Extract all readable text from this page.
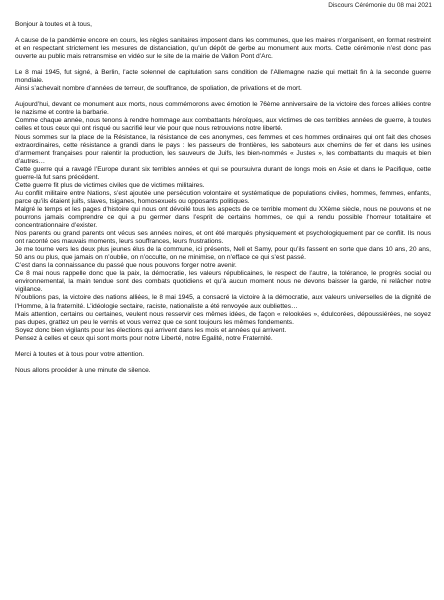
Discours Cérémonie du 08 mai 2021

Bonjour à toutes et à tous,

A cause de la pandémie encore en cours, les règles sanitaires imposent dans les communes, que les maires n’organisent, en format restreint et en respectant strictement les mesures de distanciation, qu’un dépôt de gerbe au monument aux morts. Cette cérémonie n’est donc pas ouverte au public mais retransmise en vidéo sur le site de la mairie de Vallon Pont d’Arc.

Le 8 mai 1945, fut signé, à Berlin, l’acte solennel de capitulation sans condition de l’Allemagne nazie qui mettait fin à la seconde guerre mondiale.
Ainsi s’achevait nombre d’années de terreur, de souffrance, de spoliation, de privations et de mort.

Aujourd’hui, devant ce monument aux morts, nous commémorons avec émotion le 76ème anniversaire de la victoire des forces alliées contre le nazisme et contre la barbarie.
Comme chaque année, nous tenons à rendre hommage aux combattants héroïques, aux victimes de ces terribles années de guerre, à toutes celles et tous ceux qui ont risqué ou sacrifié leur vie pour que nous retrouvions notre liberté.
Nous sommes sur la place de la Résistance, la résistance de ces anonymes, ces femmes et ces hommes ordinaires qui ont fait des choses extraordinaires, cette résistance a grandi dans le pays : les passeurs de frontières, les saboteurs aux chemins de fer et dans les usines d’armement françaises pour ralentir la production, les sauveurs de Juifs, les bien-nommés « Justes », les combattants du maquis et bien d’autres…
Cette guerre qui a ravagé l’Europe durant six terribles années et qui se poursuivra durant de longs mois en Asie et dans le Pacifique, cette guerre-là fut sans précédent.
Cette guerre fit plus de victimes civiles que de victimes militaires.
Au conflit militaire entre Nations, s’est ajoutée une persécution volontaire et systématique de populations civiles, hommes, femmes, enfants, parce qu’ils étaient juifs, slaves, tsiganes, homosexuels ou opposants politiques.
Malgré le temps et les pages d’histoire qui nous ont dévoilé tous les aspects de ce terrible moment du XXème siècle, nous ne pouvons et ne pourrons jamais comprendre ce qui a pu germer dans l’esprit de certains hommes, ce qui a rendu possible l’horreur totalitaire et concentrationnaire d’exister.
Nos parents ou grand parents ont vécus ses années noires, et ont été marqués physiquement et psychologiquement par ce conflit. Ils nous ont raconté ces mauvais moments, leurs souffrances, leurs frustrations.
Je me tourne vers les deux plus jeunes élus de la commune, ici présents, Nell et Samy, pour qu’ils fassent en sorte que dans 10 ans, 20 ans, 50 ans ou plus, que jamais on n’oublie, on n’occulte, on ne minimise, on n’efface ce qui s’est passé.
C’est dans la connaissance du passé que nous pouvons forger notre avenir.
Ce 8 mai nous rappelle donc que la paix, la démocratie, les valeurs républicaines, le respect de l’autre, la tolérance, le progrès social ou environnemental, la main tendue sont des combats quotidiens et qu’à aucun moment nous ne devons baisser la garde, ni relâcher notre vigilance.
N’oublions pas, la victoire des nations alliées, le 8 mai 1945, a consacré la victoire à la démocratie, aux valeurs universelles de la dignité de l’Homme, à la fraternité. L’idéologie sectaire, raciste, nationaliste a été renvoyée aux oubliettes…
Mais attention, certains ou certaines, veulent nous resservir ces mêmes idées, de façon « relookées », édulcorées, dépoussiérées, ne soyez pas dupes, grattez un peu le vernis et vous verrez que ce sont toujours les mêmes fondements.
Soyez donc bien vigilants pour les élections qui arrivent dans les mois et années qui arrivent.
Pensez à celles et ceux qui sont morts pour notre Liberté, notre Egalité, notre Fraternité.

Merci à toutes et à tous pour votre attention.

Nous allons procéder à une minute de silence.
